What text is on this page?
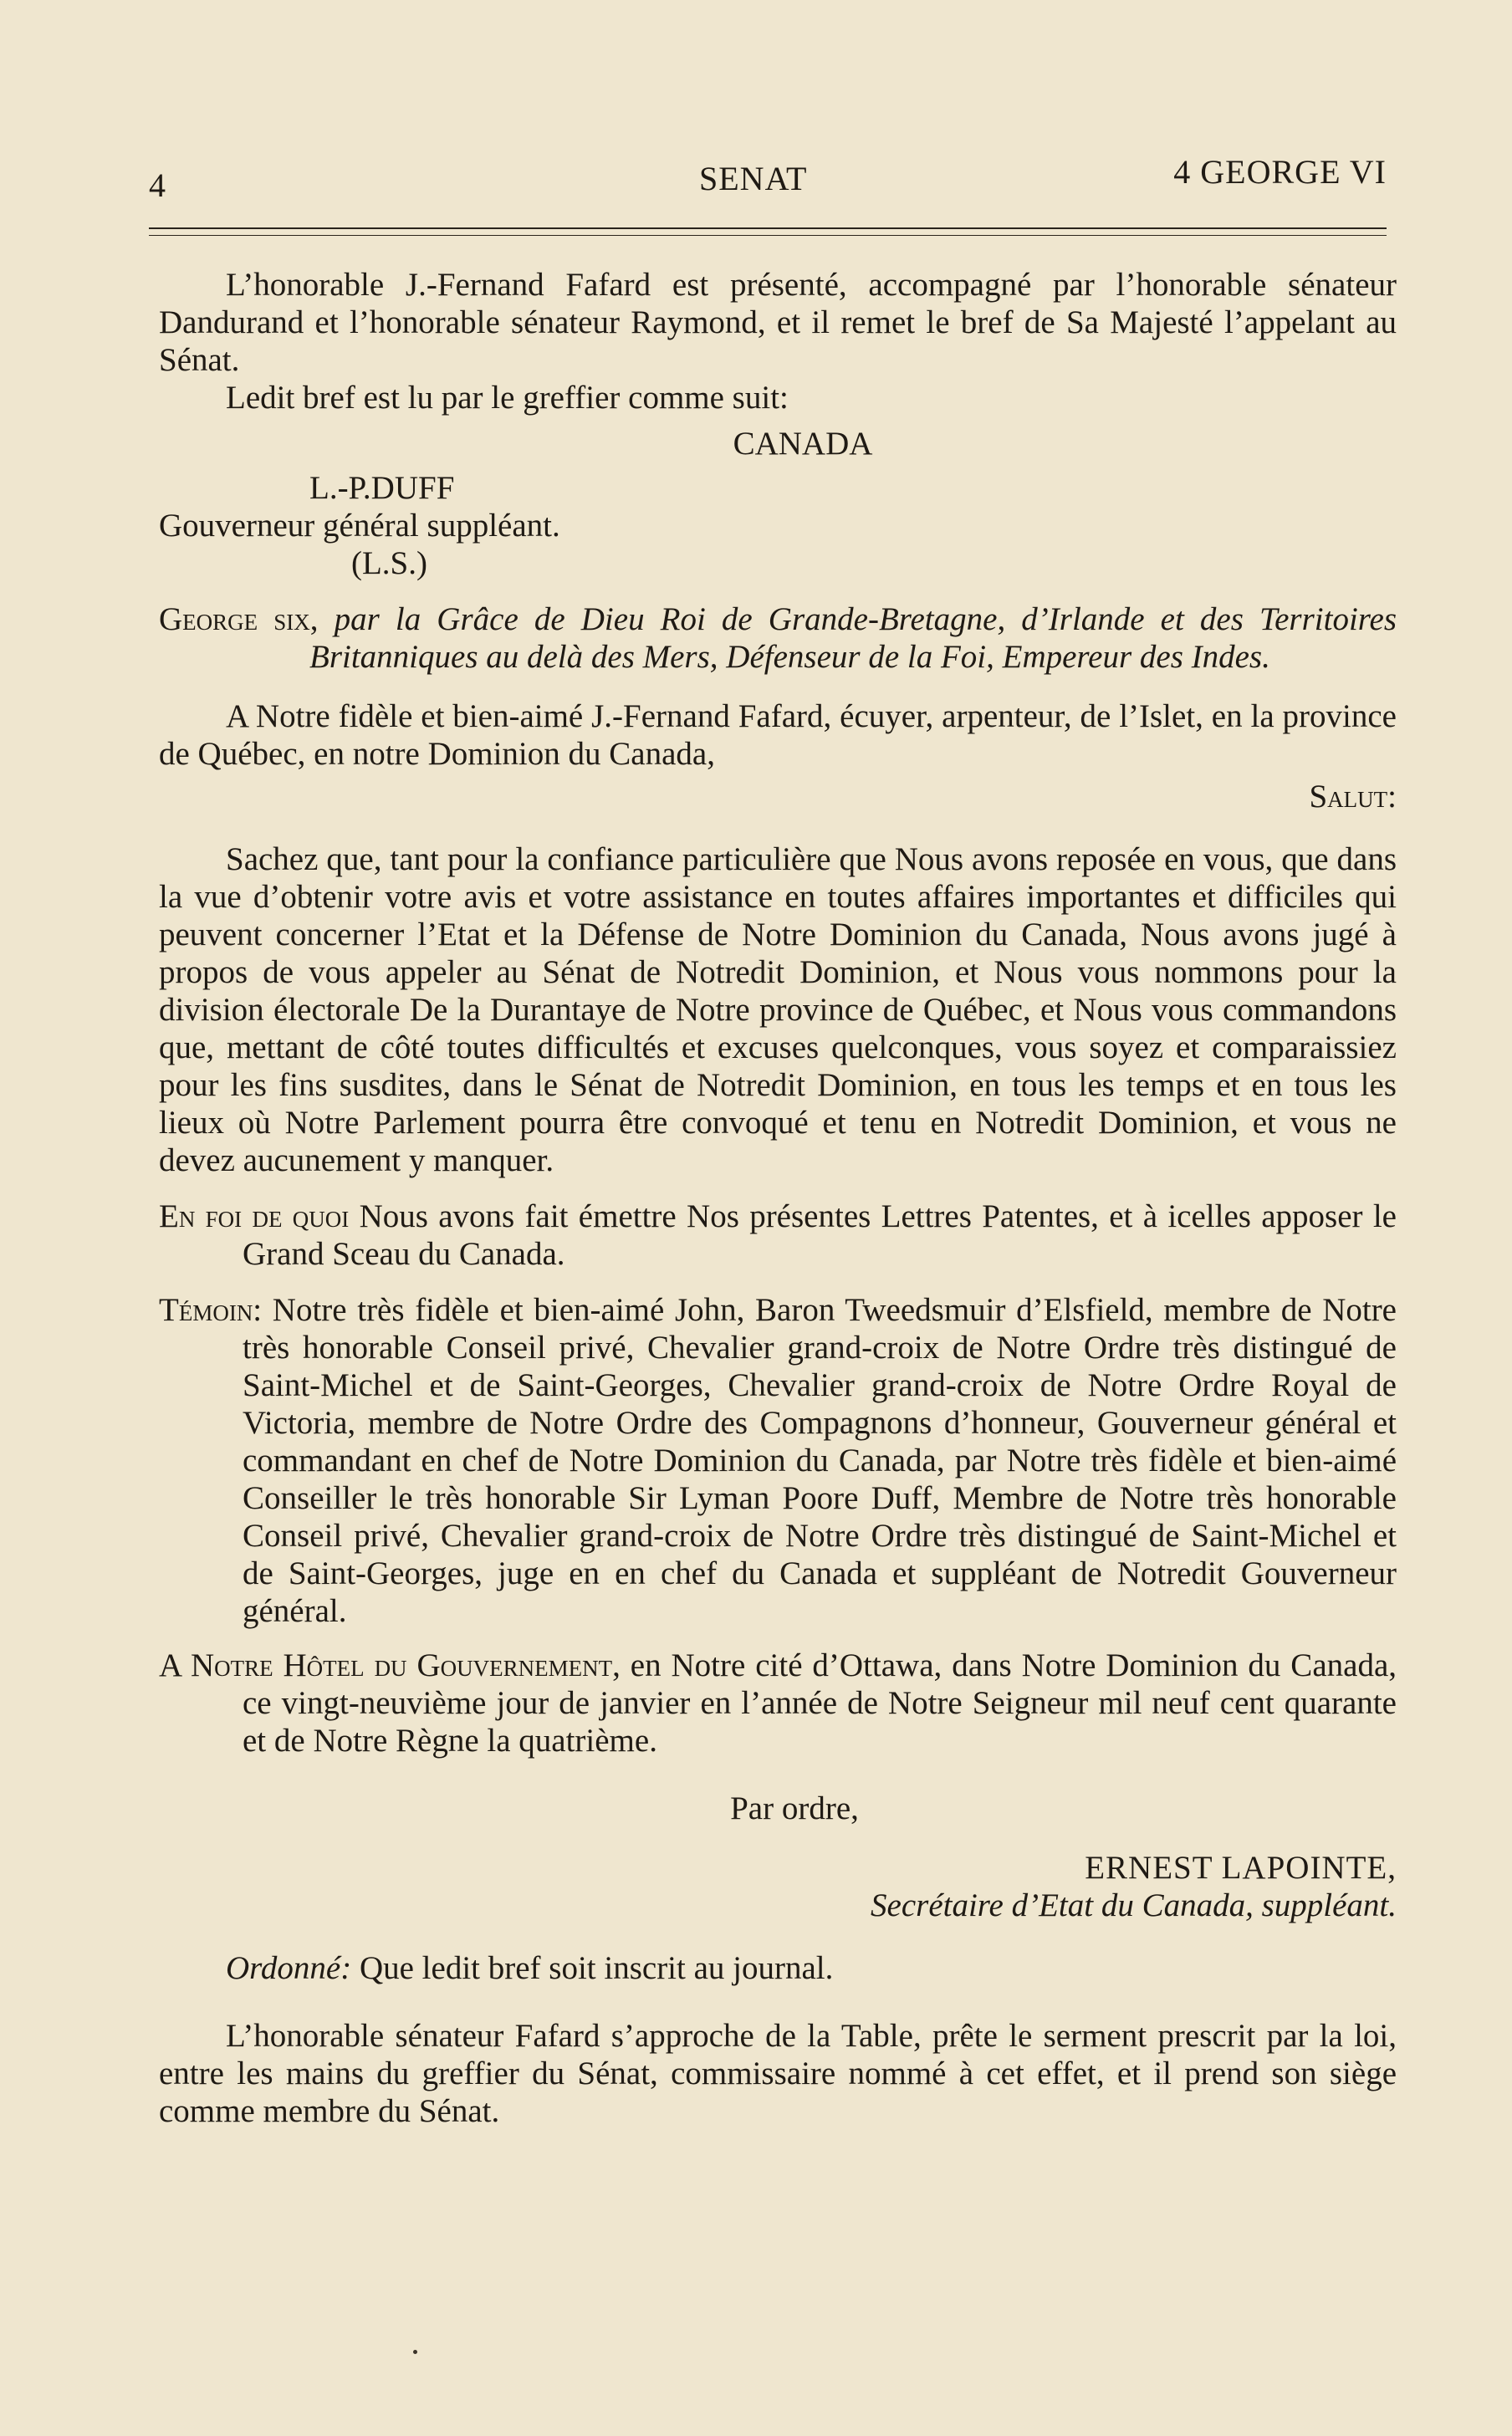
4	SENAT	4 GEORGE VI

L’honorable J.-Fernand Fafard est présenté, accompagné par l’honorable sénateur Dandurand et l’honorable sénateur Raymond, et il remet le bref de Sa Majesté l’appelant au Sénat.

Ledit bref est lu par le greffier comme suit:

CANADA

L.-P.DUFF

Gouverneur général suppléant.

(L.S.)

George six, par la Grâce de Dieu Roi de Grande-Bretagne, d’Irlande et des Territoires Britanniques au delà des Mers, Défenseur de la Foi, Empereur des Indes.

A Notre fidèle et bien-aimé J.-Fernand Fafard, écuyer, arpenteur, de l’Islet, en la province de Québec, en notre Dominion du Canada,

Salut:

Sachez que, tant pour la confiance particulière que Nous avons reposée en vous, que dans la vue d’obtenir votre avis et votre assistance en toutes affaires importantes et difficiles qui peuvent concerner l’Etat et la Défense de Notre Dominion du Canada, Nous avons jugé à propos de vous appeler au Sénat de Notredit Dominion, et Nous vous nommons pour la division électorale De la Durantaye de Notre province de Québec, et Nous vous commandons que, mettant de côté toutes difficultés et excuses quelconques, vous soyez et comparaissiez pour les fins susdites, dans le Sénat de Notredit Dominion, en tous les temps et en tous les lieux où Notre Parlement pourra être convoqué et tenu en Notredit Dominion, et vous ne devez aucunement y manquer.

En foi de quoi Nous avons fait émettre Nos présentes Lettres Patentes, et à icelles apposer le Grand Sceau du Canada.

Témoin: Notre très fidèle et bien-aimé John, Baron Tweedsmuir d’Elsfield, membre de Notre très honorable Conseil privé, Chevalier grand-croix de Notre Ordre très distingué de Saint-Michel et de Saint-Georges, Chevalier grand-croix de Notre Ordre Royal de Victoria, membre de Notre Ordre des Compagnons d’honneur, Gouverneur général et commandant en chef de Notre Dominion du Canada, par Notre très fidèle et bien-aimé Conseiller le très honorable Sir Lyman Poore Duff, Membre de Notre très honorable Conseil privé, Chevalier grand-croix de Notre Ordre très distingué de Saint-Michel et de Saint-Georges, juge en en chef du Canada et suppléant de Notredit Gouverneur général.

A Notre Hôtel du Gouvernement, en Notre cité d’Ottawa, dans Notre Dominion du Canada, ce vingt-neuvième jour de janvier en l’année de Notre Seigneur mil neuf cent quarante et de Notre Règne la quatrième.

Par ordre,

ERNEST LAPOINTE,

Secrétaire d’Etat du Canada, suppléant.

Ordonné: Que ledit bref soit inscrit au journal.

L’honorable sénateur Fafard s’approche de la Table, prête le serment prescrit par la loi, entre les mains du greffier du Sénat, commissaire nommé à cet effet, et il prend son siège comme membre du Sénat.
